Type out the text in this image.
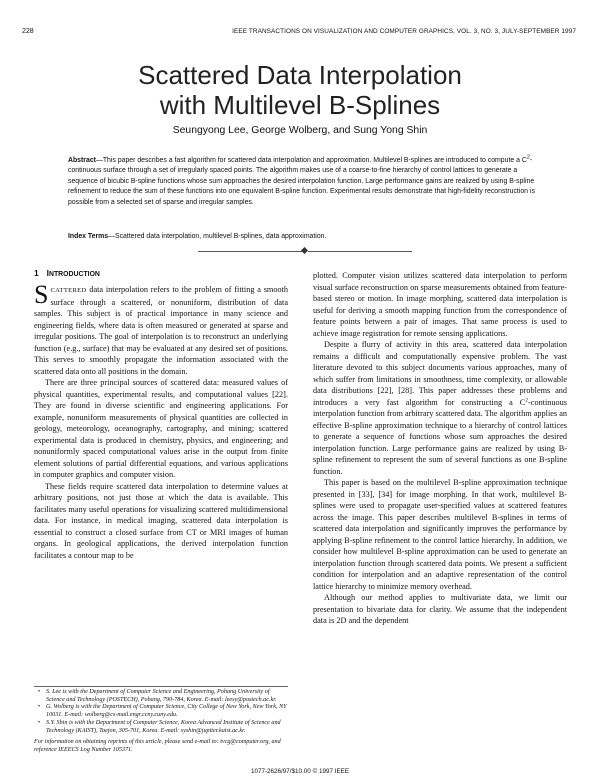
228	IEEE TRANSACTIONS ON VISUALIZATION AND COMPUTER GRAPHICS, VOL. 3, NO. 3, JULY-SEPTEMBER 1997
Scattered Data Interpolation
with Multilevel B-Splines
Seungyong Lee, George Wolberg, and Sung Yong Shin

Abstract—This paper describes a fast algorithm for scattered data interpolation and approximation. Multilevel B-splines are introduced to compute a $C^2$-continuous surface through a set of irregularly spaced points. The algorithm makes use of a coarse-to-fine hierarchy of control lattices to generate a sequence of bicubic B-spline functions whose sum approaches the desired interpolation function. Large performance gains are realized by using B-spline refinement to reduce the sum of these functions into one equivalent B-spline function. Experimental results demonstrate that high-fidelity reconstruction is possible from a selected set of sparse and irregular samples.

Index Terms—Scattered data interpolation, multilevel B-splines, data approximation.

1 INTRODUCTION

SCATTERED data interpolation refers to the problem of fitting a smooth surface through a scattered, or nonuniform, distribution of data samples. This subject is of practical importance in many science and engineering fields, where data is often measured or generated at sparse and irregular positions. The goal of interpolation is to reconstruct an underlying function (e.g., surface) that may be evaluated at any desired set of positions. This serves to smoothly propagate the information associated with the scattered data onto all positions in the domain.

There are three principal sources of scattered data: measured values of physical quantities, experimental results, and computational values [22]. They are found in diverse scientific and engineering applications. For example, nonuniform measurements of physical quantities are collected in geology, meteorology, oceanography, cartography, and mining; scattered experimental data is produced in chemistry, physics, and engineering; and nonuniformly spaced computational values arise in the output from finite element solutions of partial differential equations, and various applications in computer graphics and computer vision.

These fields require scattered data interpolation to determine values at arbitrary positions, not just those at which the data is available. This facilitates many useful operations for visualizing scattered multidimensional data. For instance, in medical imaging, scattered data interpolation is essential to construct a closed surface from CT or MRI images of human organs. In geological applications, the derived interpolation function facilitates a contour map to be

• S. Lee is with the Department of Computer Science and Engineering, Pohang University of Science and Technology (POSTECH), Pohang, 790-784, Korea. E-mail: leesy@postech.ac.kr.

• G. Wolberg is with the Department of Computer Science, City College of New York, New York, NY 10031. E-mail: wolberg@cs-mail.engr.ccny.cuny.edu.

• S.Y. Shin is with the Department of Computer Science, Korea Advanced Institute of Science and Technology (KAIST), Taejon, 305-701, Korea. E-mail: syshin@jupiter.kaist.ac.kr.

For information on obtaining reprints of this article, please send e-mail to: tvcg@computer.org, and reference IEEECS Log Number 105371.

plotted. Computer vision utilizes scattered data interpolation to perform visual surface reconstruction on sparse measurements obtained from feature-based stereo or motion. In image morphing, scattered data interpolation is useful for deriving a smooth mapping function from the correspondence of feature points between a pair of images. That same process is used to achieve image registration for remote sensing applications.

Despite a flurry of activity in this area, scattered data interpolation remains a difficult and computationally expensive problem. The vast literature devoted to this subject documents various approaches, many of which suffer from limitations in smoothness, time complexity, or allowable data distributions [22], [28]. This paper addresses these problems and introduces a very fast algorithm for constructing a $C^2$-continuous interpolation function from arbitrary scattered data. The algorithm applies an effective B-spline approximation technique to a hierarchy of control lattices to generate a sequence of functions whose sum approaches the desired interpolation function. Large performance gains are realized by using B-spline refinement to represent the sum of several functions as one B-spline function.

This paper is based on the multilevel B-spline approximation technique presented in [33], [34] for image morphing. In that work, multilevel B-splines were used to propagate user-specified values at scattered features across the image. This paper describes multilevel B-splines in terms of scattered data interpolation and significantly improves the performance by applying B-spline refinement to the control lattice hierarchy. In addition, we consider how multilevel B-spline approximation can be used to generate an interpolation function through scattered data points. We present a sufficient condition for interpolation and an adaptive representation of the control lattice hierarchy to minimize memory overhead.

Although our method applies to multivariate data, we limit our presentation to bivariate data for clarity. We assume that the independent data is 2D and the dependent

1077-2626/97/$10.00 © 1997 IEEE
